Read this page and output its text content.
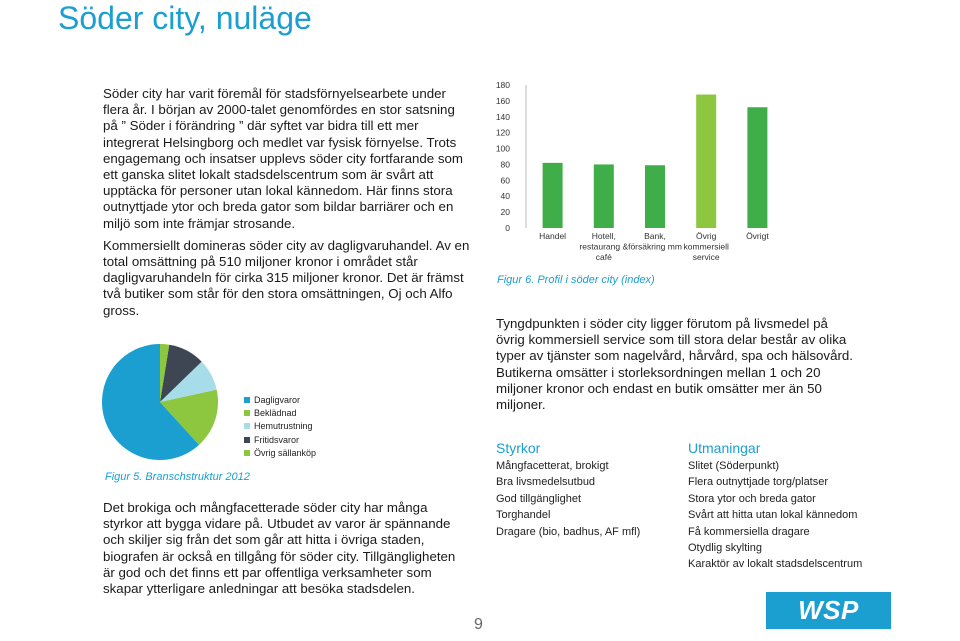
Söder city, nuläge

Söder city har varit föremål för stadsförnyelsearbete under flera år. I början av 2000-talet genomfördes en stor satsning på ” Söder i förändring ” där syftet var bidra till ett mer integrerat Helsingborg och medlet var fysisk förnyelse. Trots engagemang och insatser upplevs söder city fortfarande som ett ganska slitet lokalt stadsdelscentrum som är svårt att upptäcka för personer utan lokal kännedom. Här finns stora outnyttjade ytor och breda gator som bildar barriärer och en miljö som inte främjar strosande.

Kommersiellt domineras söder city av dagligvaruhandel. Av en total omsättning på 510 miljoner kronor i området står dagligvaruhandeln för cirka 315 miljoner kronor. Det är främst två butiker som står för den stora omsättningen, Oj och Alfo gross.

Dagligvaror
Beklädnad
Hemutrustning
Fritidsvaror
Övrig sällanköp
Figur 5. Branschstruktur 2012
Det brokiga och mångfacetterade söder city har många styrkor att bygga vidare på. Utbudet av varor är spännande och skiljer sig från det som går att hitta i övriga staden, biografen är också en tillgång för söder city. Tillgängligheten är god och det finns ett par offentliga verksamheter som skapar ytterligare anledningar att besöka stadsdelen.
0
20
40
60
80
100
120
140
160
180
Handel	Hotell, restaurang & café
Bank, försäkring mm
Övrig kommersiell service
Övrigt
Figur 6. Profil i söder city (index)
Tyngdpunkten i söder city ligger förutom på livsmedel på övrig kommersiell service som till stora delar består av olika typer av tjänster som nagelvård, hårvård, spa och hälsovård. Butikerna omsätter i storleksordningen mellan 1 och 20 miljoner kronor och endast en butik omsätter mer än 50 miljoner.
Styrkor
Mångfacetterat, brokigt
Bra livsmedelsutbud
God tillgänglighet
Torghandel
Dragare (bio, badhus, AF mfl)
Utmaningar
Slitet (Söderpunkt)
Flera outnyttjade torg/platser
Stora ytor och breda gator
Svårt att hitta utan lokal kännedom
Få kommersiella dragare
Otydlig skylting
Karaktör av lokalt stadsdelscentrum
9	WSP
